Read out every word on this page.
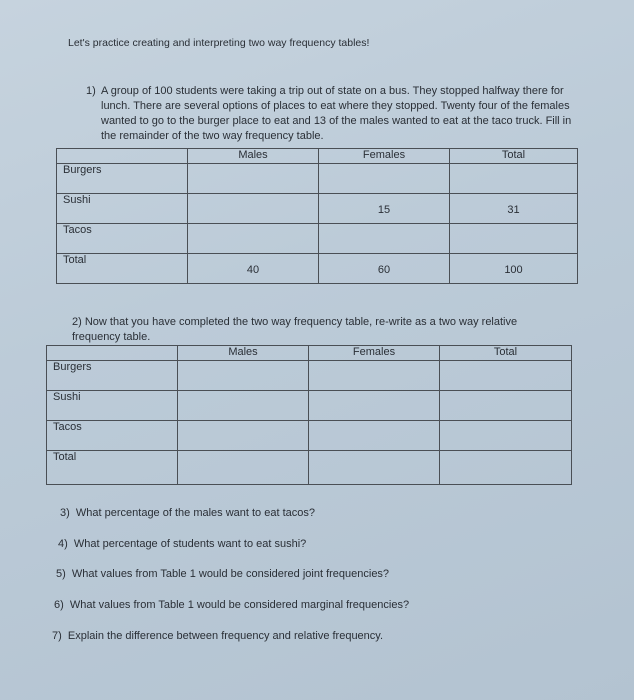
Let's practice creating and interpreting two way frequency tables!
1) A group of 100 students were taking a trip out of state on a bus. They stopped halfway there for lunch. There are several options of places to eat where they stopped. Twenty four of the females wanted to go to the burger place to eat and 13 of the males wanted to eat at the taco truck. Fill in the remainder of the two way frequency table.
	Males	Females	Total
Burgers			
Sushi		15	31
Tacos			
Total	40	60	100
2) Now that you have completed the two way frequency table, re-write as a two way relative frequency table.
	Males	Females	Total
Burgers			
Sushi			
Tacos			
Total			
3) What percentage of the males want to eat tacos?
4) What percentage of students want to eat sushi?
5) What values from Table 1 would be considered joint frequencies?
6) What values from Table 1 would be considered marginal frequencies?
7) Explain the difference between frequency and relative frequency.
